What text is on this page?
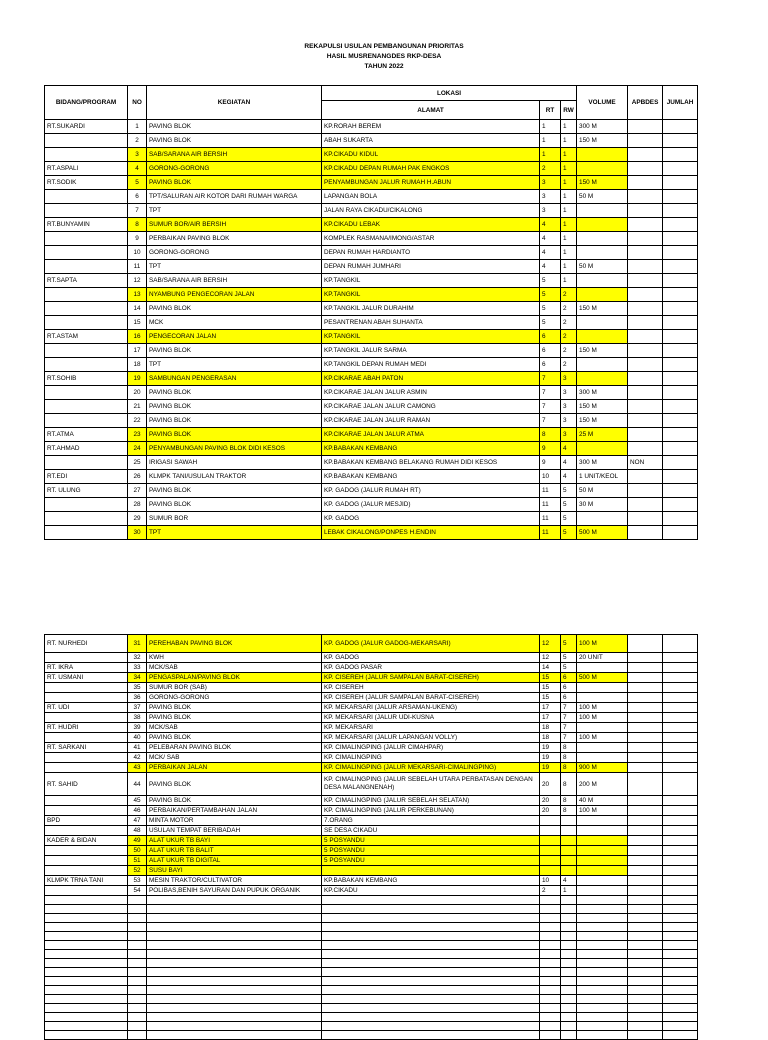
REKAPULSI USULAN PEMBANGUNAN PRIORITAS
HASIL MUSRENANGDES RKP-DESA
TAHUN 2022
BIDANG/PROGRAM	NO	KEGIATAN	LOKASI			VOLUME	APBDES	JUMLAH
			ALAMAT	RT	RW			
RT.SUKARDI	1	PAVING BLOK	KP.RORAH BEREM	1	1	300 M		
	2	PAVING BLOK	ABAH SUKARTA	1	1	150 M		
	3	SAB/SARANA AIR BERSIH	KP.CIKADU KIDUL	1	1			
RT.ASPALI	4	GORONG-GORONG	KP.CIKADU DEPAN RUMAH PAK ENGKOS	2	1			
RT.SODIK	5	PAVING BLOK	PENYAMBUNGAN JALUR RUMAH H.ABUN	3	1	150 M		
	6	TPT/SALURAN AIR KOTOR DARI RUMAH WARGA	LAPANGAN BOLA	3	1	50 M		
	7	TPT	JALAN RAYA CIKADU/CIKALONG	3	1			
RT.BUNYAMIN	8	SUMUR BOR/AIR BERSIH	KP.CIKADU LEBAK	4	1			
	9	PERBAIKAN PAVING BLOK	KOMPLEK RASMANA/IMONG/ASTAR	4	1			
	10	GORONG-GORONG	DEPAN RUMAH HARDIANTO	4	1			
	11	TPT	DEPAN RUMAH JUMHARI	4	1	50 M		
RT.SAPTA	12	SAB/SARANA AIR BERSIH	KP.TANGKIL	5	1			
	13	NYAMBUNG PENGECORAN JALAN	KP.TANGKIL	5	2			
	14	PAVING BLOK	KP.TANGKIL JALUR DURAHIM	5	2	150 M		
	15	MCK	PESANTRENAN ABAH SUHANTA	5	2			
RT.ASTAM	16	PENGECORAN JALAN	KP.TANGKIL	6	2			
	17	PAVING BLOK	KP.TANGKIL JALUR SARMA	6	2	150 M		
	18	TPT	KP.TANGKIL DEPAN RUMAH MEDI	6	2			
RT.SOHIB	19	SAMBUNGAN PENGERASAN	KP.CIKARAE ABAH PATON	7	3			
	20	PAVING BLOK	KP.CIKARAE JALAN JALUR ASMIN	7	3	300 M		
	21	PAVING BLOK	KP.CIKARAE JALAN JALUR CAMONG	7	3	150 M		
	22	PAVING BLOK	KP.CIKARAE JALAN JALUR RAMAN	7	3	150 M		
RT.ATMA	23	PAVING BLOK	KP.CIKARAE JALAN JALUR ATMA	8	3	25 M		
RT.AHMAD	24	PENYAMBUNGAN PAVING BLOK DIDI KESOS	KP.BABAKAN KEMBANG	9	4			
	25	IRIGASI SAWAH	KP.BABAKAN KEMBANG BELAKANG RUMAH DIDI KESOS	9	4	300 M	NON	
RT.EDI	26	KLMPK TANI/USULAN TRAKTOR	KP.BABAKAN KEMBANG	10	4	1 UNIT/KEOL		
RT. ULUNG	27	PAVING BLOK	KP. GADOG (JALUR RUMAH RT)	11	5	50 M		
	28	PAVING BLOK	KP. GADOG (JALUR MESJID)	11	5	30 M		
	29	SUMUR BOR	KP. GADOG	11	5			
	30	TPT	LEBAK CIKALONG/PONPES H.ENDIN	11	5	500 M		
RT. NURHEDI	31	PEREHABAN PAVING BLOK	KP. GADOG (JALUR GADOG-MEKARSARI)	12	5	100 M		
	32	KWH	KP. GADOG	12	5	20 UNIT		
RT. IKRA	33	MCK/SAB	KP. GADOG PASAR	14	5			
RT. USMANI	34	PENGASPALAN/PAVING BLOK	KP. CISEREH (JALUR SAMPALAN BARAT-CISEREH)	15	6	500 M		
	35	SUMUR BOR (SAB)	KP. CISEREH	15	6			
	36	GORONG-GORONG	KP. CISEREH (JALUR SAMPALAN BARAT-CISEREH)	15	6			
RT. UDI	37	PAVING BLOK	KP. MEKARSARI (JALUR ARSAMAN-UKENG)	17	7	100 M		
	38	PAVING BLOK	KP. MEKARSARI (JALUR UDI-KUSNA	17	7	100 M		
RT. HUDRI	39	MCK/SAB	KP. MEKARSARI	18	7			
	40	PAVING BLOK	KP. MEKARSARI (JALUR LAPANGAN VOLLY)	18	7	100 M		
RT. SARKANI	41	PELEBARAN PAVING BLOK	KP. CIMALINGPING (JALUR CIMAHPAR)	19	8			
	42	MCK/ SAB	KP. CIMALINGPING	19	8			
	43	PERBAIKAN JALAN	KP. CIMALINGPING (JALUR MEKARSARI-CIMALINGPING)	19	8	900 M		
RT. SAHID	44	PAVING BLOK	KP. CIMALINGPING (JALUR SEBELAH UTARA PERBATASAN DENGAN DESA MALANGNENAH)	20	8	200 M		
	45	PAVING BLOK	KP. CIMALINGPING (JALUR SEBELAH SELATAN)	20	8	40 M		
	46	PERBAIKAN/PERTAMBAHAN JALAN	KP. CIMALINGPING (JALUR PERKEBUNAN)	20	8	100 M		
BPD	47	MINTA MOTOR	7.ORANG					
	48	USULAN TEMPAT BERIBADAH	SE DESA CIKADU					
KADER & BIDAN	49	ALAT UKUR TB BAYI	5 POSYANDU					
	50	ALAT UKUR TB BALIT	5 POSYANDU					
	51	ALAT UKUR TB DIGITAL	5 POSYANDU					
	52	SUSU BAYI						
KLMPK TRNA TANI	53	MESIN TRAKTOR/CULTIVATOR	KP.BABAKAN KEMBANG	10	4			
	54	POLIBAS,BENIH SAYURAN DAN PUPUK ORGANIK	KP.CIKADU	2	1			
